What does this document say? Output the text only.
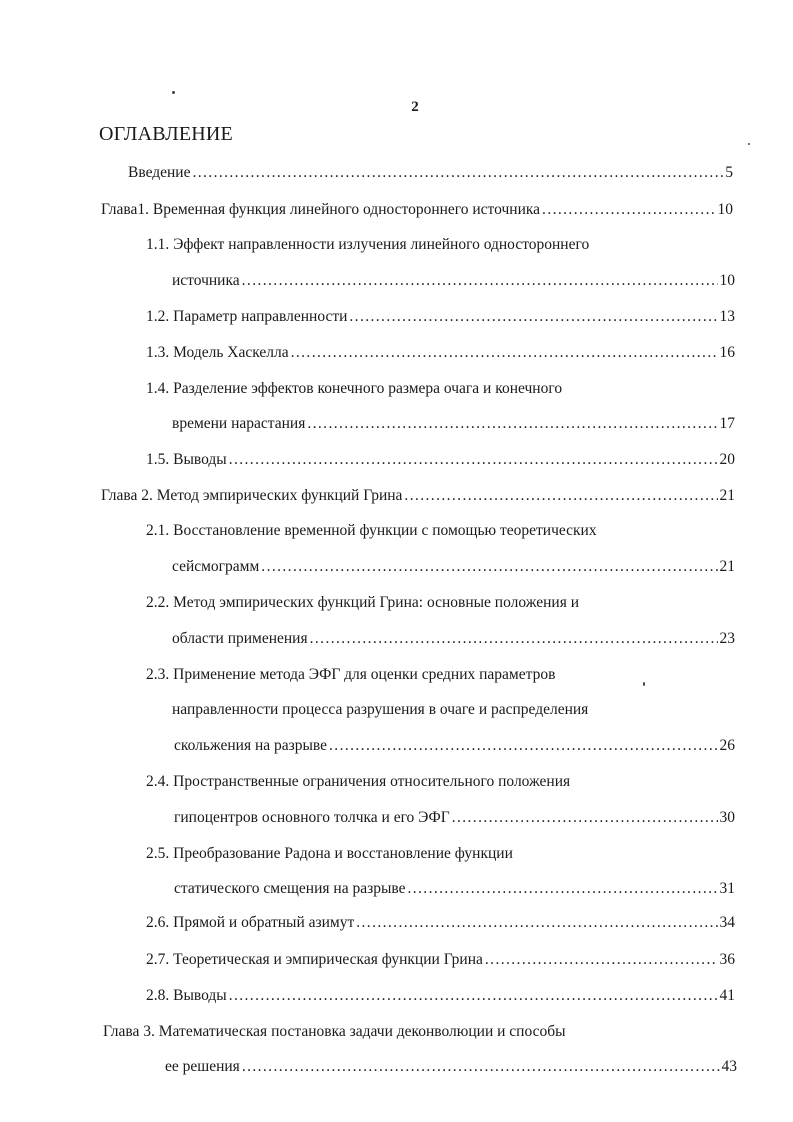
2
ОГЛАВЛЕНИЕ
Введение .....	5
Глава1. Временная функция линейного одностороннего источника .....	10
1.1. Эффект направленности излучения линейного одностороннего
источника .....	10
1.2. Параметр направленности .....	13
1.3. Модель Хаскелла .....	16
1.4. Разделение эффектов конечного размера очага и конечного
времени нарастания .....	17
1.5. Выводы .....	20
Глава 2. Метод эмпирических функций Грина .....	21
2.1. Восстановление временной функции с помощью теоретических
сейсмограмм .....	21
2.2. Метод эмпирических функций Грина: основные положения и
области применения .....	23
2.3. Применение метода ЭФГ для оценки средних параметров
направленности процесса разрушения в очаге и распределения
скольжения на разрыве .....	26
2.4. Пространственные ограничения относительного положения
гипоцентров основного толчка и его ЭФГ .....	30
2.5. Преобразование Радона и восстановление функции
статического смещения на разрыве .....	31
2.6. Прямой и обратный азимут .....	34
2.7. Теоретическая и эмпирическая функции Грина .....	36
2.8. Выводы .....	41
Глава 3. Математическая постановка задачи деконволюции и способы
ее решения .....	43
